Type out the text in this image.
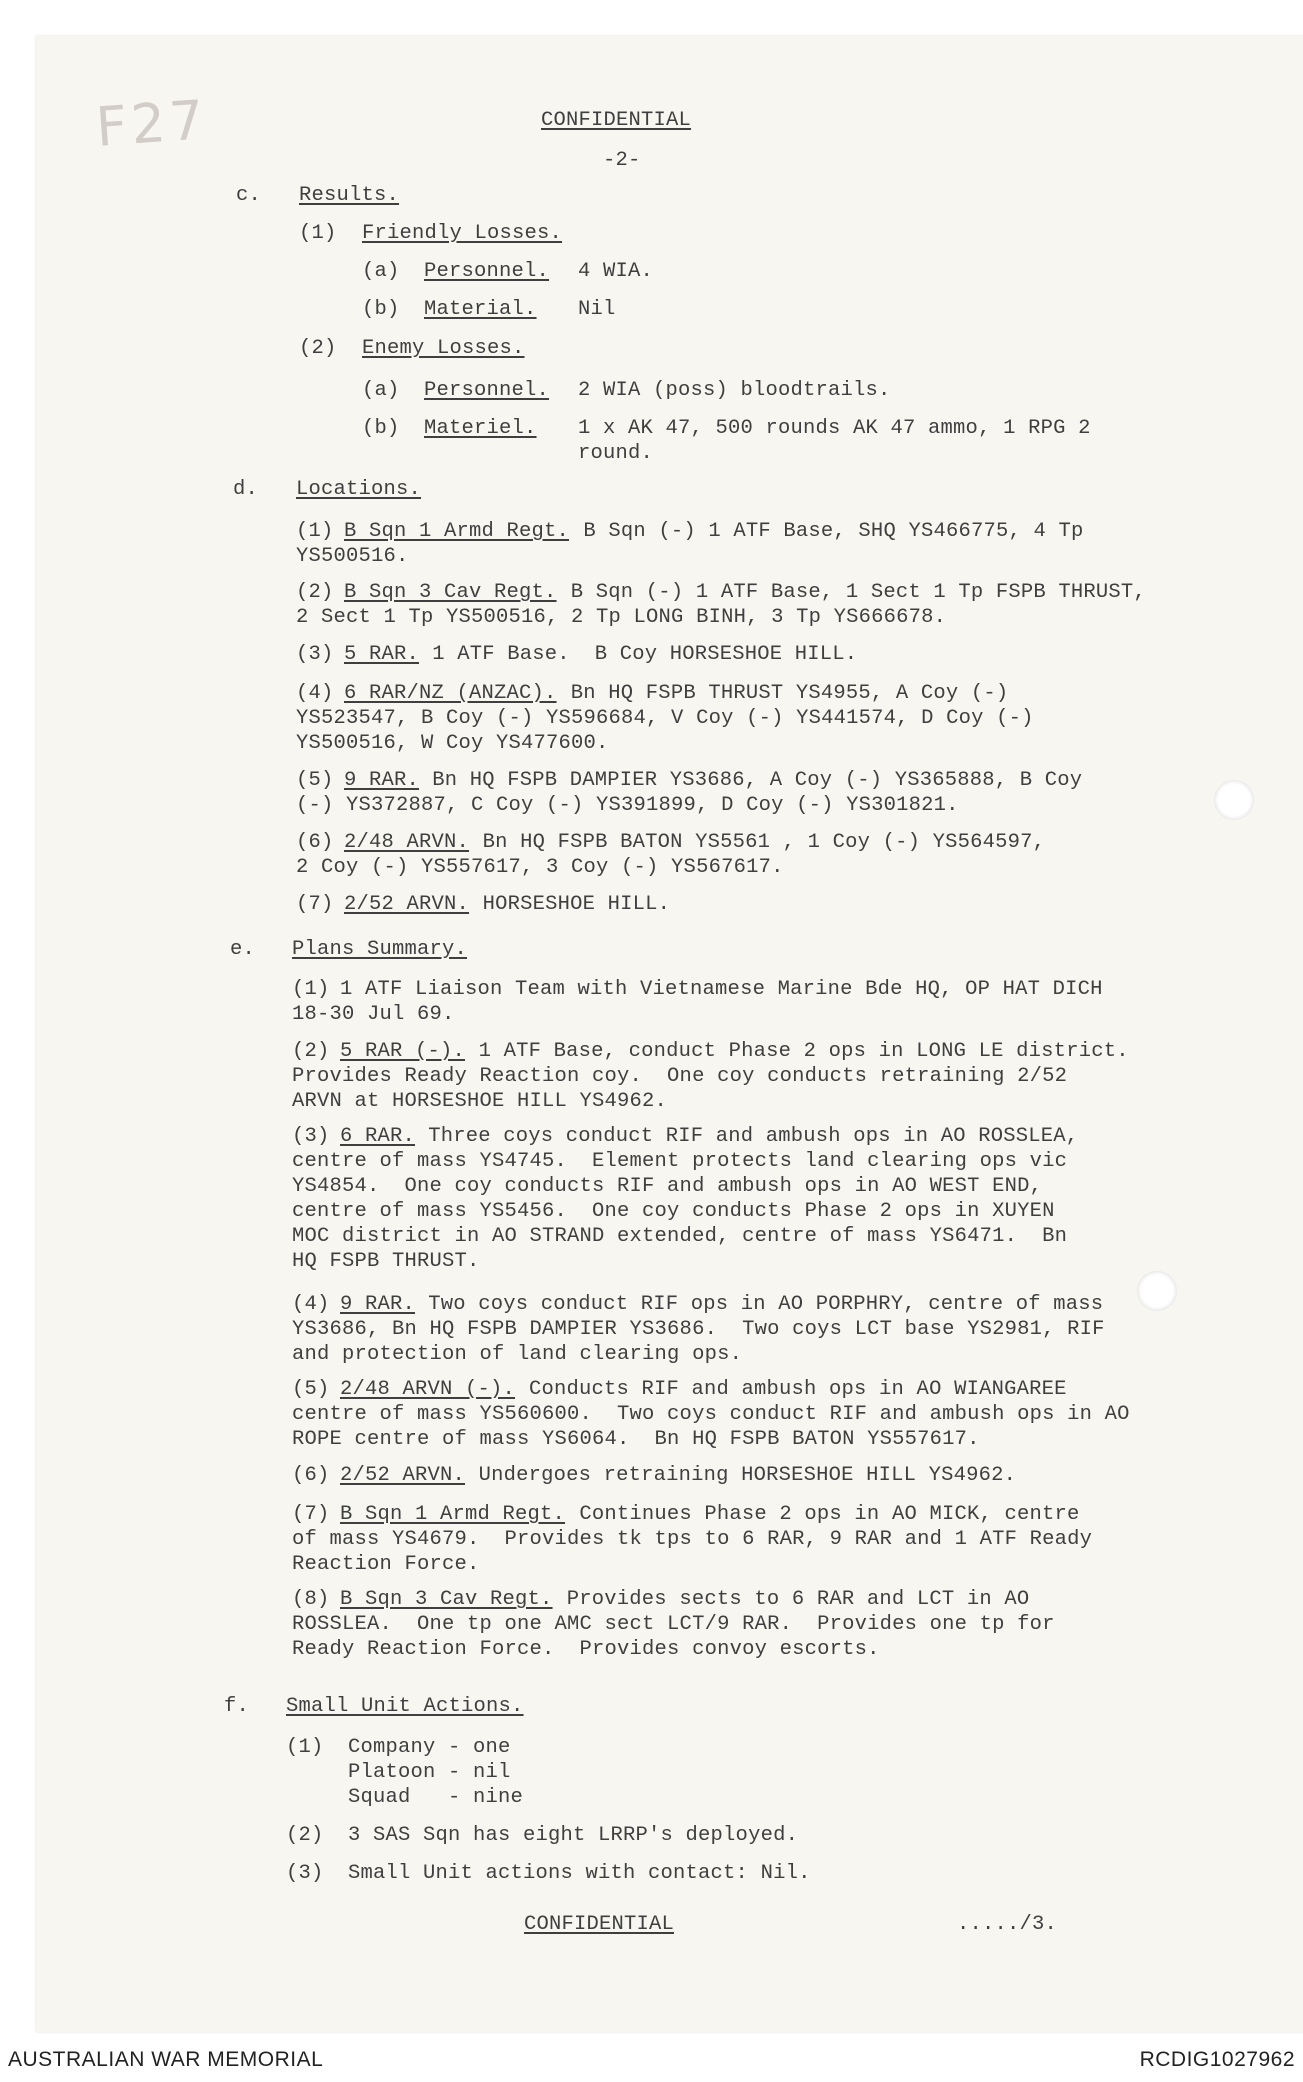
F27	CONFIDENTIAL
-2-
c. Results.
(1) Friendly Losses.
(a) Personnel. 4 WIA.
(b) Material. Nil
(2) Enemy Losses.
(a) Personnel. 2 WIA (poss) bloodtrails.
(b) Materiel. 1 x AK 47, 500 rounds AK 47 ammo, 1 RPG 2
round.
d. Locations.
(1) B Sqn 1 Armd Regt. B Sqn (-) 1 ATF Base, SHQ YS466775, 4 Tp
YS500516.
(2) B Sqn 3 Cav Regt. B Sqn (-) 1 ATF Base, 1 Sect 1 Tp FSPB THRUST,
2 Sect 1 Tp YS500516, 2 Tp LONG BINH, 3 Tp YS666678.
(3) 5 RAR. 1 ATF Base.  B Coy HORSESHOE HILL.
(4) 6 RAR/NZ (ANZAC). Bn HQ FSPB THRUST YS4955, A Coy (-)
YS523547, B Coy (-) YS596684, V Coy (-) YS441574, D Coy (-)
YS500516, W Coy YS477600.
(5) 9 RAR. Bn HQ FSPB DAMPIER YS3686, A Coy (-) YS365888, B Coy
(-) YS372887, C Coy (-) YS391899, D Coy (-) YS301821.
(6) 2/48 ARVN. Bn HQ FSPB BATON YS5561 , 1 Coy (-) YS564597,
2 Coy (-) YS557617, 3 Coy (-) YS567617.
(7) 2/52 ARVN. HORSESHOE HILL.
e. Plans Summary.
(1) 1 ATF Liaison Team with Vietnamese Marine Bde HQ, OP HAT DICH
18-30 Jul 69.
(2) 5 RAR (-). 1 ATF Base, conduct Phase 2 ops in LONG LE district.
Provides Ready Reaction coy.  One coy conducts retraining 2/52
ARVN at HORSESHOE HILL YS4962.
(3) 6 RAR. Three coys conduct RIF and ambush ops in AO ROSSLEA,
centre of mass YS4745.  Element protects land clearing ops vic
YS4854.  One coy conducts RIF and ambush ops in AO WEST END,
centre of mass YS5456.  One coy conducts Phase 2 ops in XUYEN
MOC district in AO STRAND extended, centre of mass YS6471.  Bn
HQ FSPB THRUST.
(4) 9 RAR. Two coys conduct RIF ops in AO PORPHRY, centre of mass
YS3686, Bn HQ FSPB DAMPIER YS3686.  Two coys LCT base YS2981, RIF
and protection of land clearing ops.
(5) 2/48 ARVN (-). Conducts RIF and ambush ops in AO WIANGAREE
centre of mass YS560600.  Two coys conduct RIF and ambush ops in AO
ROPE centre of mass YS6064.  Bn HQ FSPB BATON YS557617.
(6) 2/52 ARVN. Undergoes retraining HORSESHOE HILL YS4962.
(7) B Sqn 1 Armd Regt. Continues Phase 2 ops in AO MICK, centre
of mass YS4679.  Provides tk tps to 6 RAR, 9 RAR and 1 ATF Ready
Reaction Force.
(8) B Sqn 3 Cav Regt. Provides sects to 6 RAR and LCT in AO
ROSSLEA.  One tp one AMC sect LCT/9 RAR.  Provides one tp for
Ready Reaction Force.  Provides convoy escorts.
f. Small Unit Actions.
(1) Company - one
Platoon - nil
Squad   - nine
(2) 3 SAS Sqn has eight LRRP's deployed.
(3) Small Unit actions with contact: Nil.
CONFIDENTIAL	...../3.
AUSTRALIAN WAR MEMORIAL	RCDIG1027962
